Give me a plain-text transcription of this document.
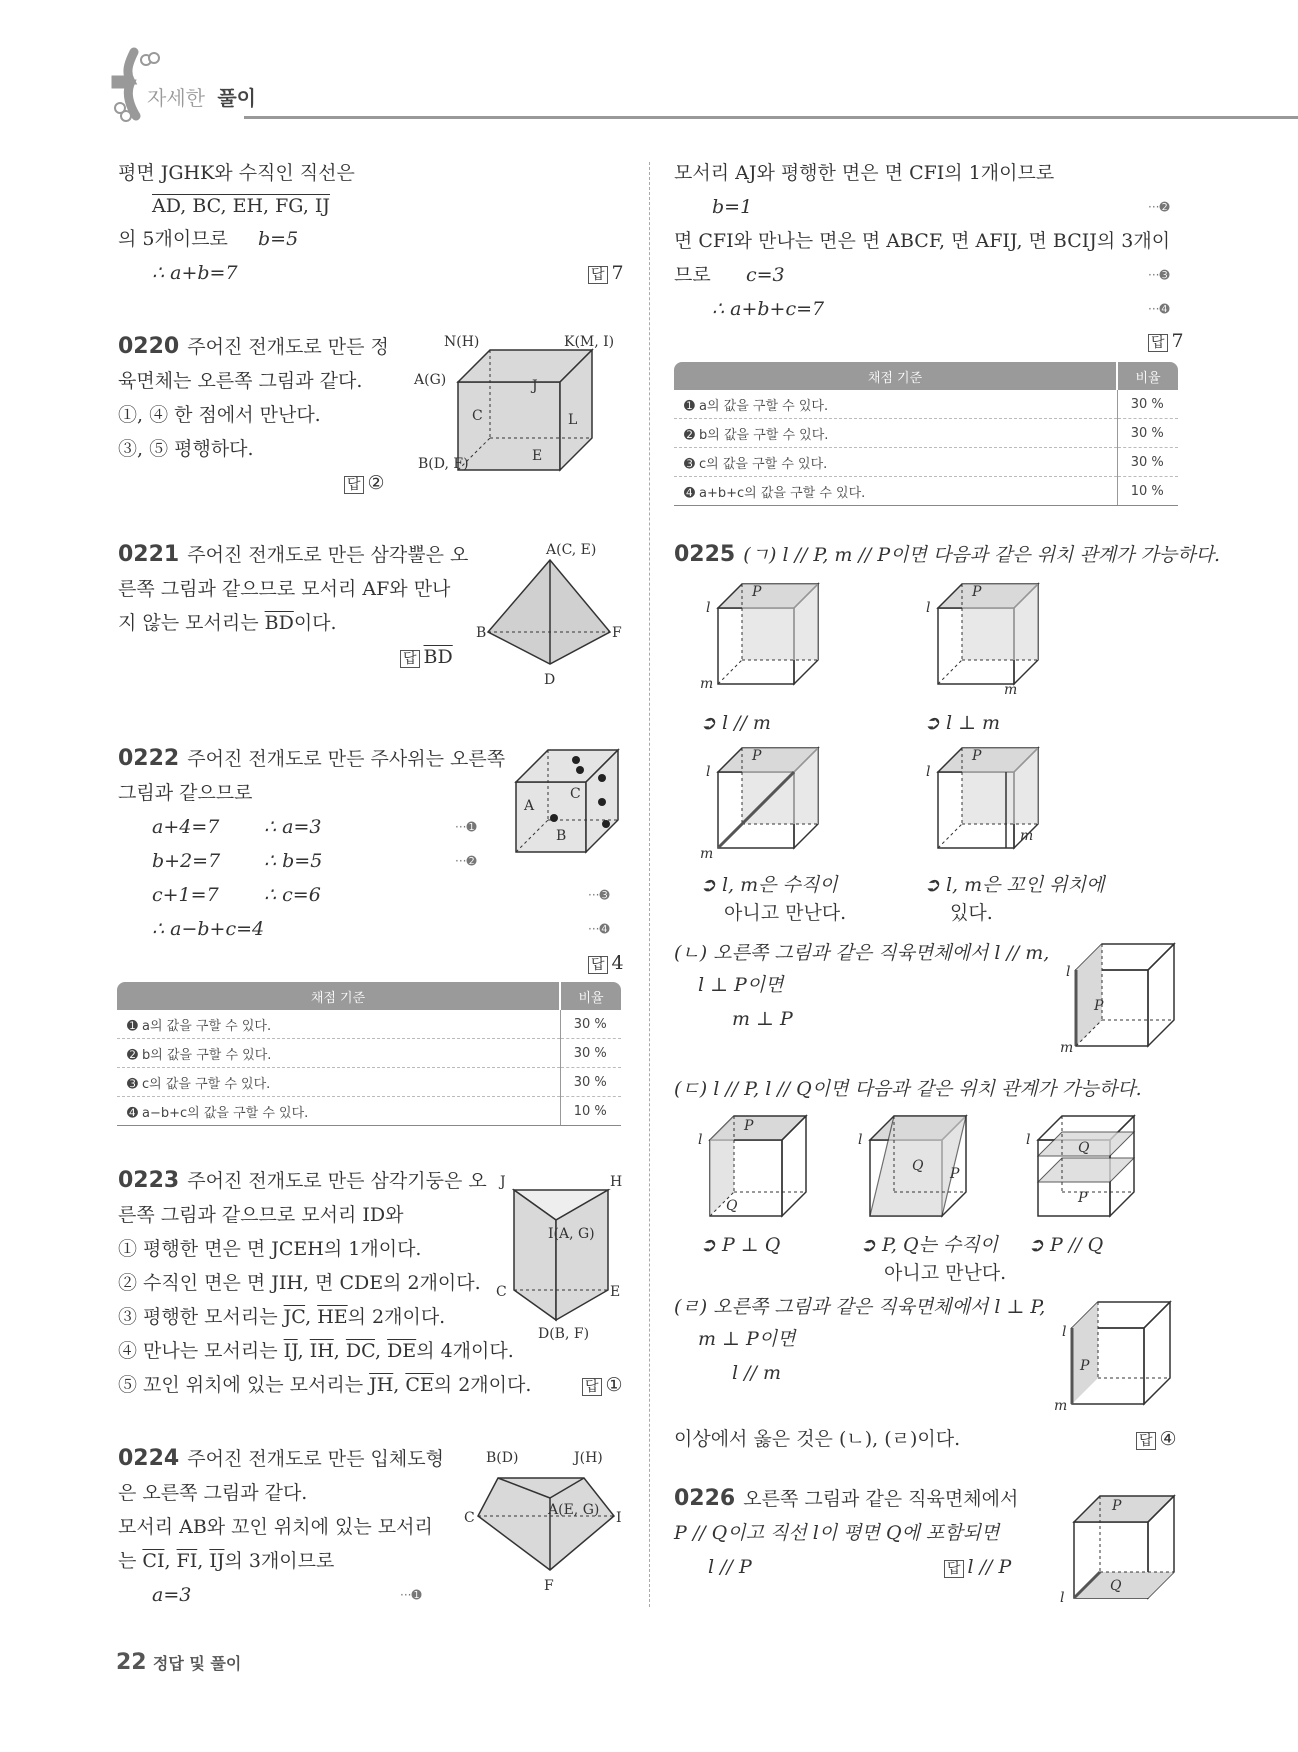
자세한 풀이
평면 JGHK와 수직인 직선은
AD, BC, EH, FG, IJ
의 5개이므로 b=5
∴ a+b=7	답 7
0220 주어진 전개도로 만든 정
육면체는 오른쪽 그림과 같다.
①, ④ 한 점에서 만난다.
③, ⑤ 평행하다.
답 ②
N(H)	K(M, I)
A(G)	J
C	L
B(D, F)	E
0221 주어진 전개도로 만든 삼각뿔은 오
른쪽 그림과 같으므로 모서리 AF와 만나
지 않는 모서리는 $\overline{BD}$이다.
답 $\overline{BD}$
A(C, E)
B	F
D
0222 주어진 전개도로 만든 주사위는 오른쪽
그림과 같으므로
a+4=7 ∴ a=3	···➊
b+2=7 ∴ b=5	···➋
c+1=7 ∴ c=6	···➌
∴ a−b+c=4	···➍
답 4
A
B
C
채점 기준	비율
➊ a의 값을 구할 수 있다.	30 %
➋ b의 값을 구할 수 있다.	30 %
➌ c의 값을 구할 수 있다.	30 %
➍ a−b+c의 값을 구할 수 있다.	10 %
0223 주어진 전개도로 만든 삼각기둥은 오
른쪽 그림과 같으므로 모서리 ID와
① 평행한 면은 면 JCEH의 1개이다.
② 수직인 면은 면 JIH, 면 CDE의 2개이다.
③ 평행한 모서리는 $\overline{JC}$, $\overline{HE}$의 2개이다.
④ 만나는 모서리는 $\overline{IJ}$, $\overline{IH}$, $\overline{DC}$, $\overline{DE}$의 4개이다.
⑤ 꼬인 위치에 있는 모서리는 $\overline{JH}$, $\overline{CE}$의 2개이다.	답 ①
J	H
I(A, G)
C	E
D(B, F)
0224 주어진 전개도로 만든 입체도형
은 오른쪽 그림과 같다.
모서리 AB와 꼬인 위치에 있는 모서리
는 $\overline{CI}$, $\overline{FI}$, $\overline{IJ}$의 3개이므로
a=3	···➊
B(D)	J(H)
C	A(E, G) I
F
22 정답 및 풀이
모서리 AJ와 평행한 면은 면 CFI의 1개이므로
b=1	···➋
면 CFI와 만나는 면은 면 ABCF, 면 AFIJ, 면 BCIJ의 3개이
므로 c=3	···➌
∴ a+b+c=7	···➍
답 7
채점 기준	비율
➊ a의 값을 구할 수 있다.	30 %
➋ b의 값을 구할 수 있다.	30 %
➌ c의 값을 구할 수 있다.	30 %
➍ a+b+c의 값을 구할 수 있다.	10 %
0225 (ㄱ) l // P, m // P이면 다음과 같은 위치 관계가 가능하다.
P
l
m
➲ l // m
P
l
m
➲ l ⊥ m
P
l
m
➲ l, m은 수직이
아니고 만난다.
P
l
m
➲ l, m은 꼬인 위치에
있다.
(ㄴ) 오른쪽 그림과 같은 직육면체에서 l // m,
l ⊥ P이면
m ⊥ P
l
P
m
(ㄷ) l // P, l // Q이면 다음과 같은 위치 관계가 가능하다.
P
l
Q
➲ P ⊥ Q
Q P
l
➲ P, Q는 수직이
아니고 만난다.
Q
P
l
➲ P // Q
(ㄹ) 오른쪽 그림과 같은 직육면체에서 l ⊥ P,
m ⊥ P이면
l // m
l
P
m
이상에서 옳은 것은 (ㄴ), (ㄹ)이다.	답 ④
0226 오른쪽 그림과 같은 직육면체에서
P // Q이고 직선 l이 평면 Q에 포함되면
l // P	답 l // P
P
Q
l
